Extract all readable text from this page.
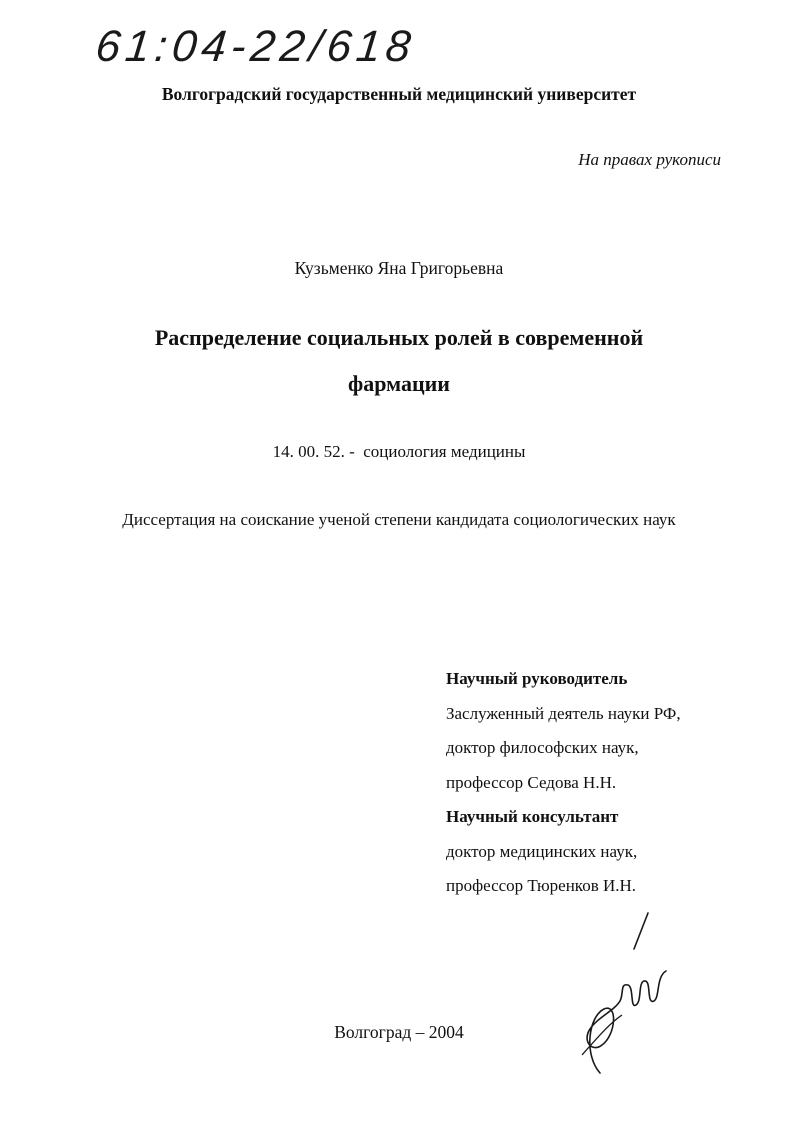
61:04-22/618
Волгоградский государственный медицинский университет
На правах рукописи
Кузьменко Яна Григорьевна
Распределение социальных ролей в современной
фармации
14. 00. 52. -  социология медицины
Диссертация на соискание ученой степени кандидата социологических наук
Научный руководитель
Заслуженный деятель науки РФ,
доктор философских наук,
профессор Седова Н.Н.
Научный консультант
доктор медицинских наук,
профессор Тюренков И.Н.
Волгоград – 2004
